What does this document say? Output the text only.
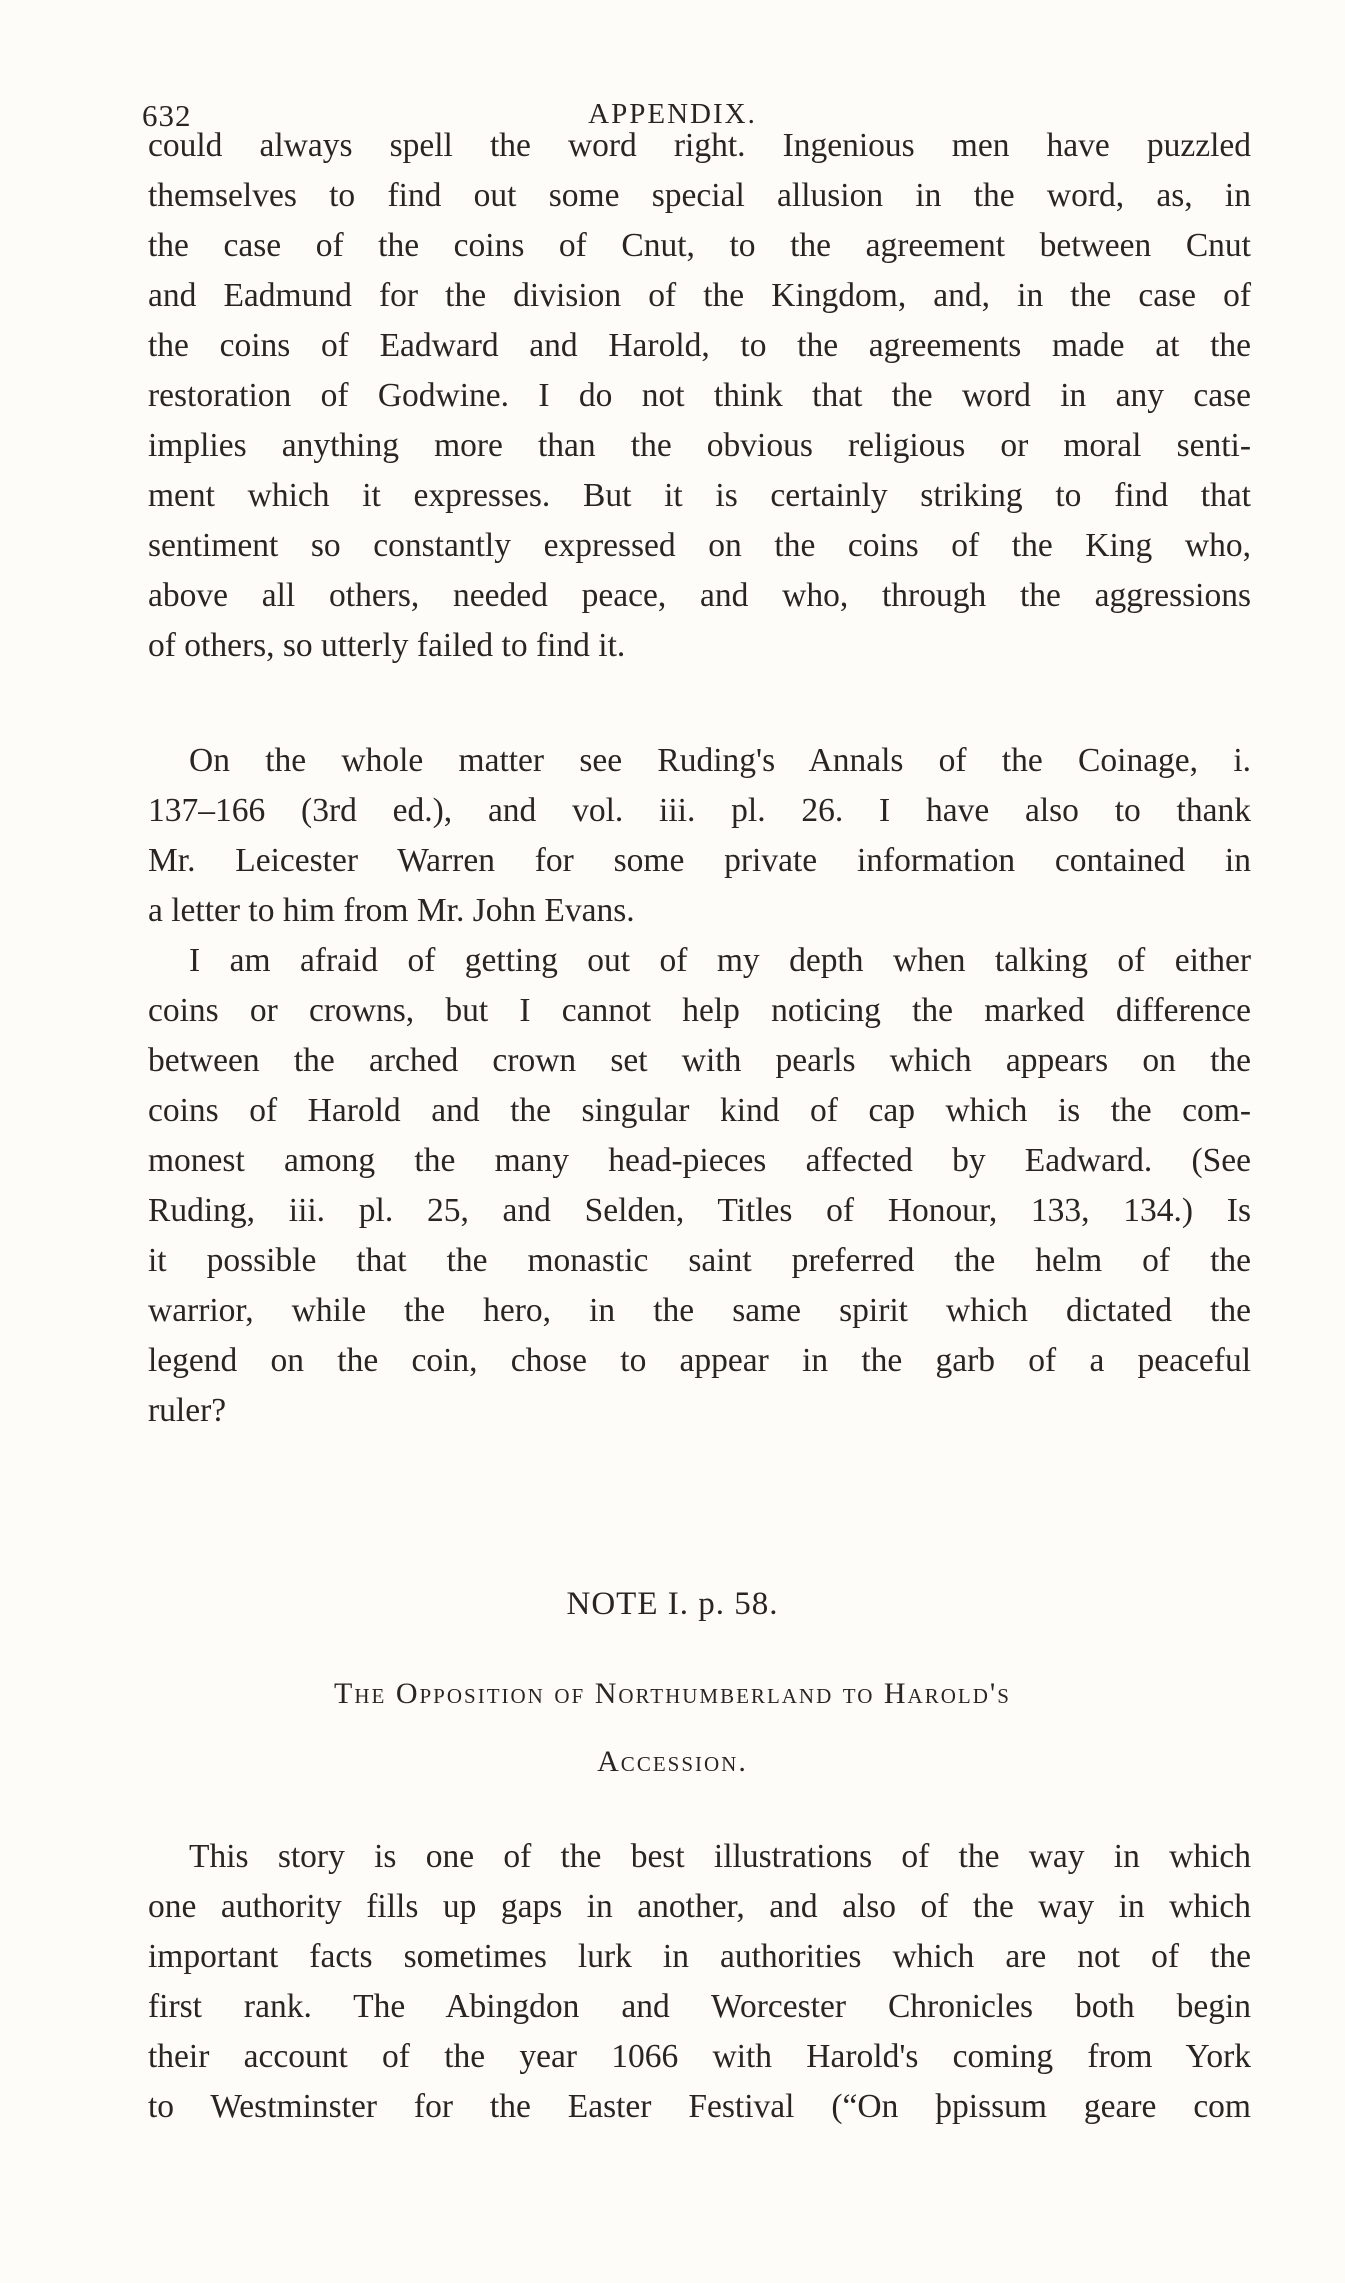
632	APPENDIX.
could always spell the word right. Ingenious men have puzzled
themselves to find out some special allusion in the word, as, in
the case of the coins of Cnut, to the agreement between Cnut
and Eadmund for the division of the Kingdom, and, in the case of
the coins of Eadward and Harold, to the agreements made at the
restoration of Godwine. I do not think that the word in any case
implies anything more than the obvious religious or moral senti-
ment which it expresses. But it is certainly striking to find that
sentiment so constantly expressed on the coins of the King who,
above all others, needed peace, and who, through the aggressions
of others, so utterly failed to find it.
On the whole matter see Ruding's Annals of the Coinage, i.
137–166 (3rd ed.), and vol. iii. pl. 26. I have also to thank
Mr. Leicester Warren for some private information contained in
a letter to him from Mr. John Evans.
I am afraid of getting out of my depth when talking of either
coins or crowns, but I cannot help noticing the marked difference
between the arched crown set with pearls which appears on the
coins of Harold and the singular kind of cap which is the com-
monest among the many head-pieces affected by Eadward. (See
Ruding, iii. pl. 25, and Selden, Titles of Honour, 133, 134.) Is
it possible that the monastic saint preferred the helm of the
warrior, while the hero, in the same spirit which dictated the
legend on the coin, chose to appear in the garb of a peaceful
ruler?
NOTE I. p. 58.
The Opposition of Northumberland to Harold's
Accession.
This story is one of the best illustrations of the way in which
one authority fills up gaps in another, and also of the way in which
important facts sometimes lurk in authorities which are not of the
first rank. The Abingdon and Worcester Chronicles both begin
their account of the year 1066 with Harold's coming from York
to Westminster for the Easter Festival (“On þpissum geare com
